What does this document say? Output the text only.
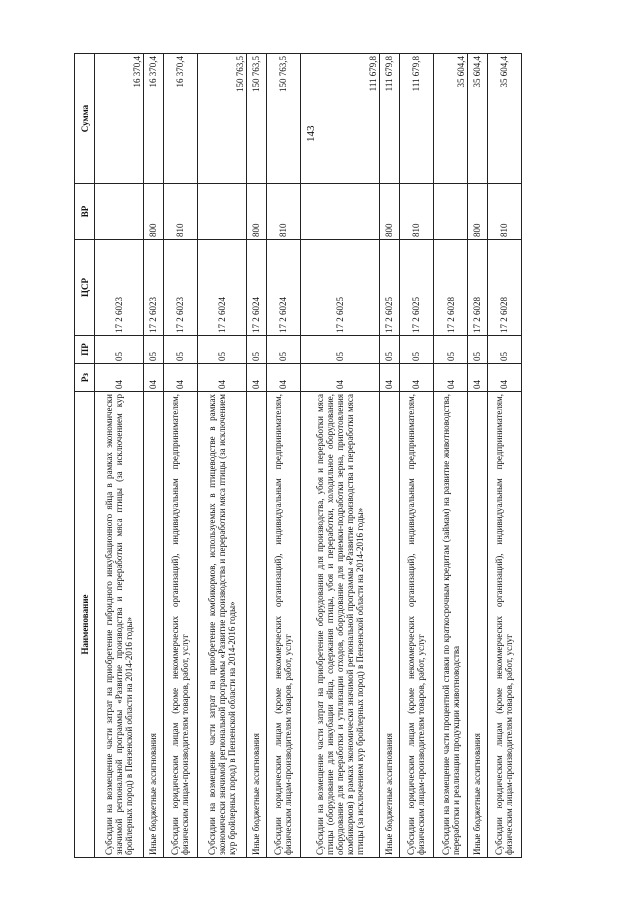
143
Наименование	Рз	ПР	ЦСР	ВР	Сумма
Субсидии на возмещение части затрат на приобретение гибридного инкубационного яйца в рамках экономически значимой региональной программы «Развитие производства и переработки мяса птицы (за исключением кур бройлерных пород) в Пензенской области на 2014-2016 годы»	04	05	17 2 6023		16 370,4
Иные бюджетные ассигнования	04	05	17 2 6023	800	16 370,4
Субсидии юридическим лицам (кроме некоммерческих организаций), индивидуальным предпринимателям, физическим лицам-производителям товаров, работ, услуг	04	05	17 2 6023	810	16 370,4
Субсидии на возмещение части затрат на приобретение комбикормов, используемых в птицеводстве в рамках экономически значимой региональной программы «Развитие производства и переработки мяса птицы (за исключением кур бройлерных пород) в Пензенской области на 2014-2016 годы»	04	05	17 2 6024		150 763,5
Иные бюджетные ассигнования	04	05	17 2 6024	800	150 763,5
Субсидии юридическим лицам (кроме некоммерческих организаций), индивидуальным предпринимателям, физическим лицам-производителям товаров, работ, услуг	04	05	17 2 6024	810	150 763,5
Субсидии на возмещение части затрат на приобретение оборудования для производства, убоя и переработки мяса птицы (оборудование для инкубации яйца, содержания птицы, убоя и переработки, холодильное оборудование, оборудование для переработки и утилизации отходов, оборудование для приемки-подработки зерна, приготовления комбикормов) в рамках экономически значимой региональной программы «Развитие производства и переработки мяса птицы (за исключением кур бройлерных пород) в Пензенской области на 2014-2016 годы»	04	05	17 2 6025		111 679,8
Иные бюджетные ассигнования	04	05	17 2 6025	800	111 679,8
Субсидии юридическим лицам (кроме некоммерческих организаций), индивидуальным предпринимателям, физическим лицам-производителям товаров, работ, услуг	04	05	17 2 6025	810	111 679,8
Субсидии на возмещение части процентной ставки по краткосрочным кредитам (займам) на развитие животноводства, переработки и реализации продукции животноводства	04	05	17 2 6028		35 604,4
Иные бюджетные ассигнования	04	05	17 2 6028	800	35 604,4
Субсидии юридическим лицам (кроме некоммерческих организаций), индивидуальным предпринимателям, физическим лицам-производителям товаров, работ, услуг	04	05	17 2 6028	810	35 604,4
